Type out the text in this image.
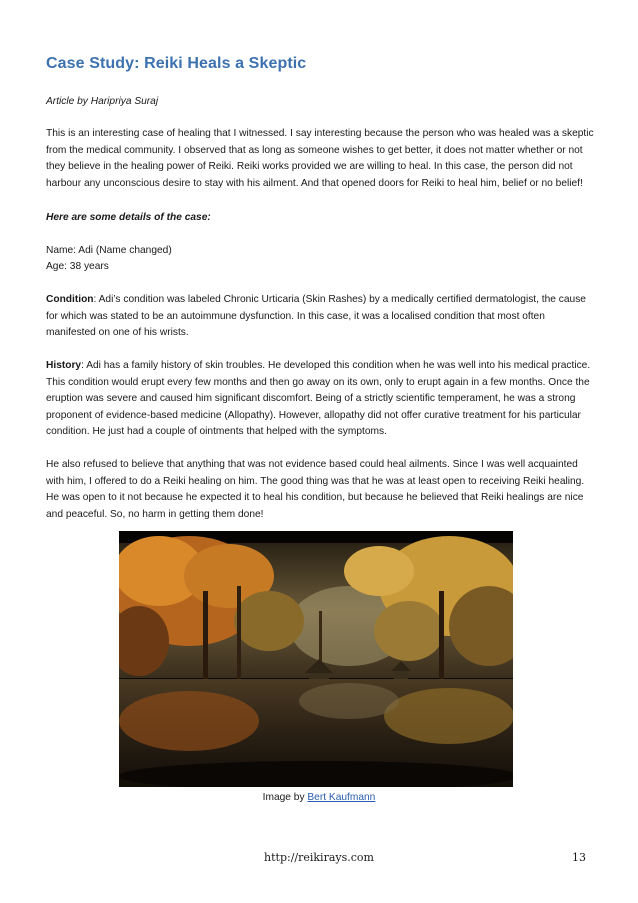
Case Study: Reiki Heals a Skeptic
Article by Haripriya Suraj

This is an interesting case of healing that I witnessed. I say interesting because the person who was healed was a skeptic from the medical community. I observed that as long as someone wishes to get better, it does not matter whether or not they believe in the healing power of Reiki. Reiki works provided we are willing to heal. In this case, the person did not harbour any unconscious desire to stay with his ailment. And that opened doors for Reiki to heal him, belief or no belief!

Here are some details of the case:

Name: Adi (Name changed)

Age: 38 years

Condition: Adi’s condition was labeled Chronic Urticaria (Skin Rashes) by a medically certified dermatologist, the cause for which was stated to be an autoimmune dysfunction. In this case, it was a localised condition that most often manifested on one of his wrists.

History: Adi has a family history of skin troubles. He developed this condition when he was well into his medical practice. This condition would erupt every few months and then go away on its own, only to erupt again in a few months. Once the eruption was severe and caused him significant discomfort. Being of a strictly scientific temperament, he was a strong proponent of evidence-based medicine (Allopathy). However, allopathy did not offer curative treatment for his particular condition. He just had a couple of ointments that helped with the symptoms.

He also refused to believe that anything that was not evidence based could heal ailments. Since I was well acquainted with him, I offered to do a Reiki healing on him. The good thing was that he was at least open to receiving Reiki healing. He was open to it not because he expected it to heal his condition, but because he believed that Reiki healings are nice and peaceful. So, no harm in getting them done!

Image by Bert Kaufmann
http://reikirays.com	13
